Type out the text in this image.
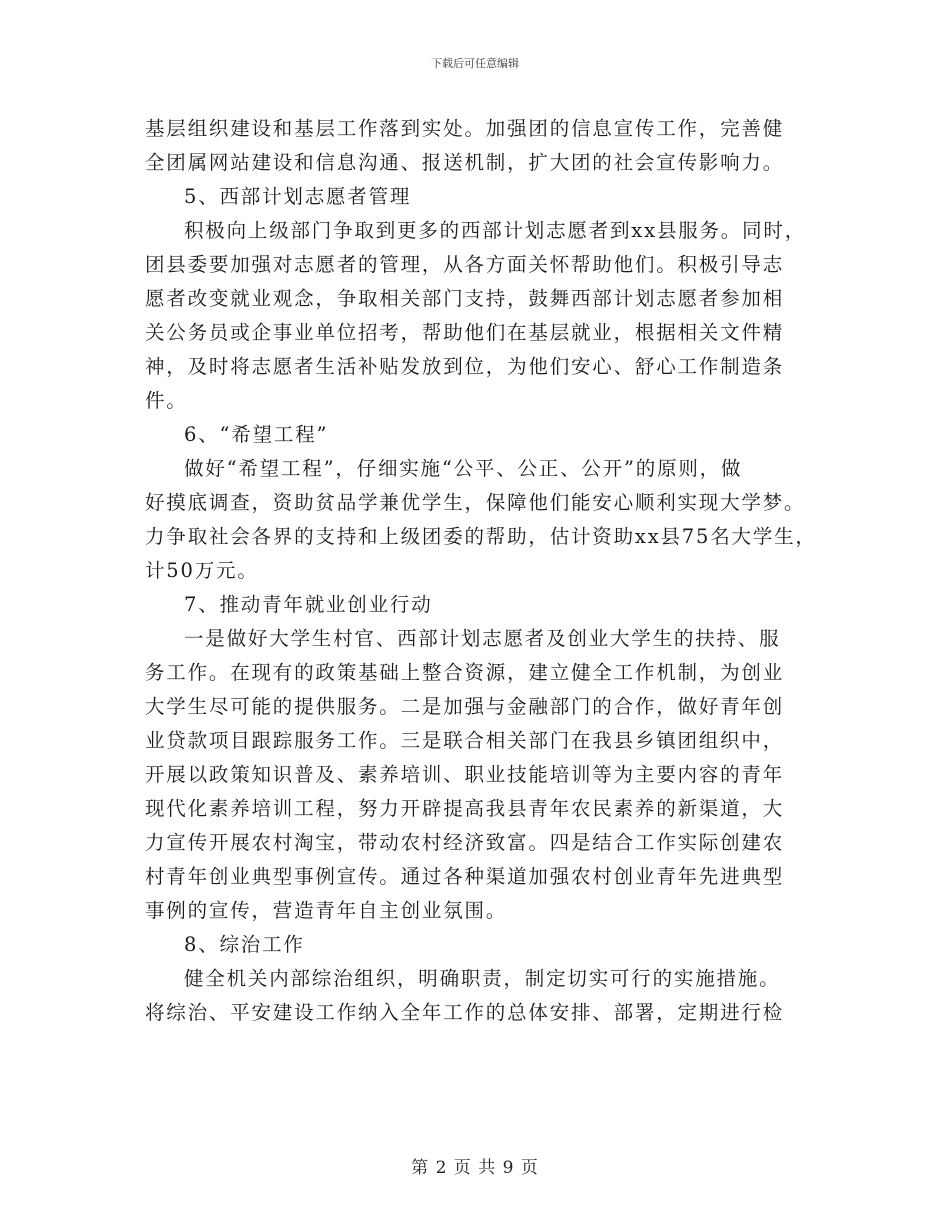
下载后可任意编辑
基层组织建设和基层工作落到实处。加强团的信息宣传工作，完善健
全团属网站建设和信息沟通、报送机制，扩大团的社会宣传影响力。
5、西部计划志愿者管理
积极向上级部门争取到更多的西部计划志愿者到xx县服务。同时，
团县委要加强对志愿者的管理，从各方面关怀帮助他们。积极引导志
愿者改变就业观念，争取相关部门支持，鼓舞西部计划志愿者参加相
关公务员或企事业单位招考，帮助他们在基层就业，根据相关文件精
神，及时将志愿者生活补贴发放到位，为他们安心、舒心工作制造条
件。
6、“希望工程”
做好“希望工程”，仔细实施“公平、公正、公开”的原则，做
好摸底调查，资助贫品学兼优学生，保障他们能安心顺利实现大学梦。
力争取社会各界的支持和上级团委的帮助，估计资助xx县75名大学生，
计50万元。
7、推动青年就业创业行动
一是做好大学生村官、西部计划志愿者及创业大学生的扶持、服
务工作。在现有的政策基础上整合资源，建立健全工作机制，为创业
大学生尽可能的提供服务。二是加强与金融部门的合作，做好青年创
业贷款项目跟踪服务工作。三是联合相关部门在我县乡镇团组织中，
开展以政策知识普及、素养培训、职业技能培训等为主要内容的青年
现代化素养培训工程，努力开辟提高我县青年农民素养的新渠道，大
力宣传开展农村淘宝，带动农村经济致富。四是结合工作实际创建农
村青年创业典型事例宣传。通过各种渠道加强农村创业青年先进典型
事例的宣传，营造青年自主创业氛围。
8、综治工作
健全机关内部综治组织，明确职责，制定切实可行的实施措施。
将综治、平安建设工作纳入全年工作的总体安排、部署，定期进行检
第 2 页 共 9 页
